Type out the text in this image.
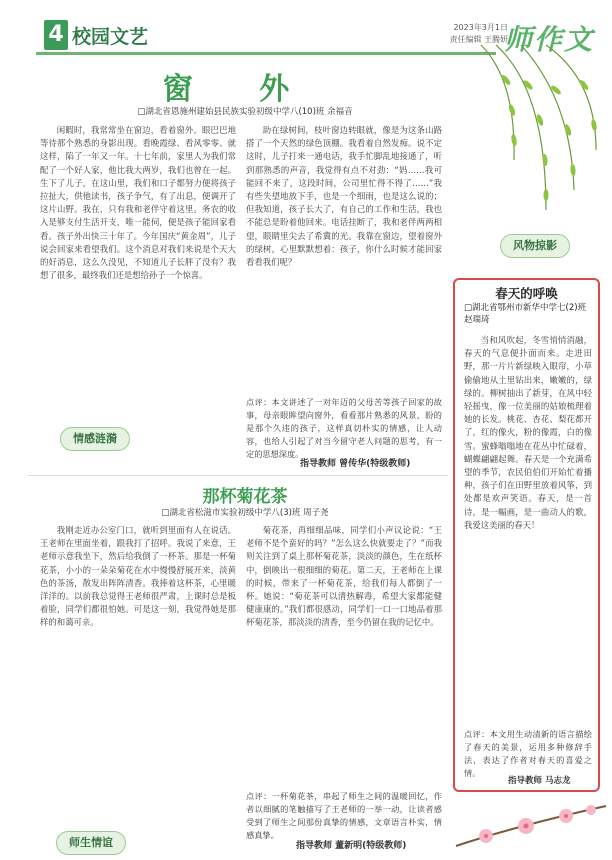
4 校园文艺	2023年3月1日
责任编辑 王腾妍
师作文
窗 外
□湖北省恩施州建始县民族实验初级中学八(10)班 余福音
闲暇时，我常常坐在窗边，看着窗外。眼巴巴地等待那个熟悉的身影出现。看晚霞绿、看风零零、就这样，陷了一年又一年。十七年前，家里人为我们常配了一个好人家，他比我大两岁，我们也曾在一起。生下了儿子，在这山里，我们和口子都努力便将孩子拉扯大，供他读书，孩子争气，有了出息，便调开了这片山野。我在，只有我和老伴守着这里。务农的收入是够支付生活开支，唯一能伺，便是孩子能回家看看。孩子外出快三十年了。今年国庆“黄金周”，儿子说会回家来看望我们。这个消息对我们来说是个天大的好消息，这么久没见，不知道儿子长胖了没有？我想了很多，最终我们还是想给孙子一个惊喜。
助在绿树间，枝叶窗边转眼就，像是为这条山路搭了一个天然的绿色顶棚。我看着自然发痴。说不定这时，儿子打来一通电话，我手忙脚乱地接通了，听到那熟悉的声音，我觉得有点不对劲：“妈……我可能回不来了，这段时间，公司里忙得不得了……”我有些失望地放下手，也是一个细雨，也是这么说的；但我知道，孩子长大了，有自己的工作和生活，我也不能总是盼着他回来。电话挂断了，我和老伴两两相望，眼睛里尖去了希冀的光。我靠在窗边，望着窗外的绿树，心里默默想着：孩子，你什么时候才能回家看看我们呢？
点评：本文讲述了一对年迈的父母苦等孩子回家的故事，母亲眼眸望向窗外，看看那片熟悉的风景，盼的是那个久违的孩子，这样真切朴实的情感，让人动容，也给人引起了对当今留守老人问题的思考，有一定的思想深度。
指导教师 曾传华(特级教师)
情感涟漪
那杯菊花茶
□湖北省松滋市实验初级中学八(3)班 周子尧
我刚走近办公室门口，就听到里面有人在说话。王老师在里面坐着，跟我打了招呼。我说了来意，王老师示意我坐下，然后给我倒了一杯茶。那是一杯菊花茶，小小的一朵朵菊花在水中慢慢舒展开来，淡黄色的茶汤，散发出阵阵清香。我捧着这杯茶，心里暖洋洋的。以前我总觉得王老师很严肃，上课时总是板着脸，同学们都很怕她。可是这一刻，我觉得她是那样的和蔼可亲。
菊花茶，再细细品味，同学们小声议论说：“王老师不是个蛮好的吗？”怎么这么快就要走了？”而我则关注到了桌上那杯菊花茶，淡淡的颜色，生在纸杯中，倒映出一根细细的菊花。第二天，王老师在上课的时候，带来了一杯菊花茶，给我们每人都倒了一杯。她说：“菊花茶可以清热解毒，希望大家都能健健康康的。”我们都很感动，同学们一口一口地品着那杯菊花茶，那淡淡的清香，至今仍留在我的记忆中。
点评：一杯菊花茶，串起了师生之间的温暖回忆，作者以细腻的笔触描写了王老师的一举一动，让读者感受到了师生之间那份真挚的情感，文章语言朴实，情感真挚。
指导教师 董新明(特级教师)
师生情谊
风物掠影
春天的呼唤
□湖北省鄂州市新华中学七(2)班 赵瑞琦
当和风吹起，冬雪悄悄消融，春天的气息便扑面而来。走进田野，那一片片新绿映入眼帘，小草偷偷地从土里钻出来，嫩嫩的，绿绿的。柳树抽出了新芽，在风中轻轻摇曳，像一位美丽的姑娘梳理着她的长发。桃花、杏花、梨花都开了，红的像火，粉的像霞，白的像雪。蜜蜂嗡嗡地在花丛中忙碌着，蝴蝶翩翩起舞。春天是一个充满希望的季节，农民伯伯们开始忙着播种，孩子们在田野里放着风筝，到处都是欢声笑语。春天，是一首诗，是一幅画，是一曲动人的歌，我爱这美丽的春天！
点评：本文用生动清新的语言描绘了春天的美景，运用多种修辞手法，表达了作者对春天的喜爱之情。
指导教师 马志龙
